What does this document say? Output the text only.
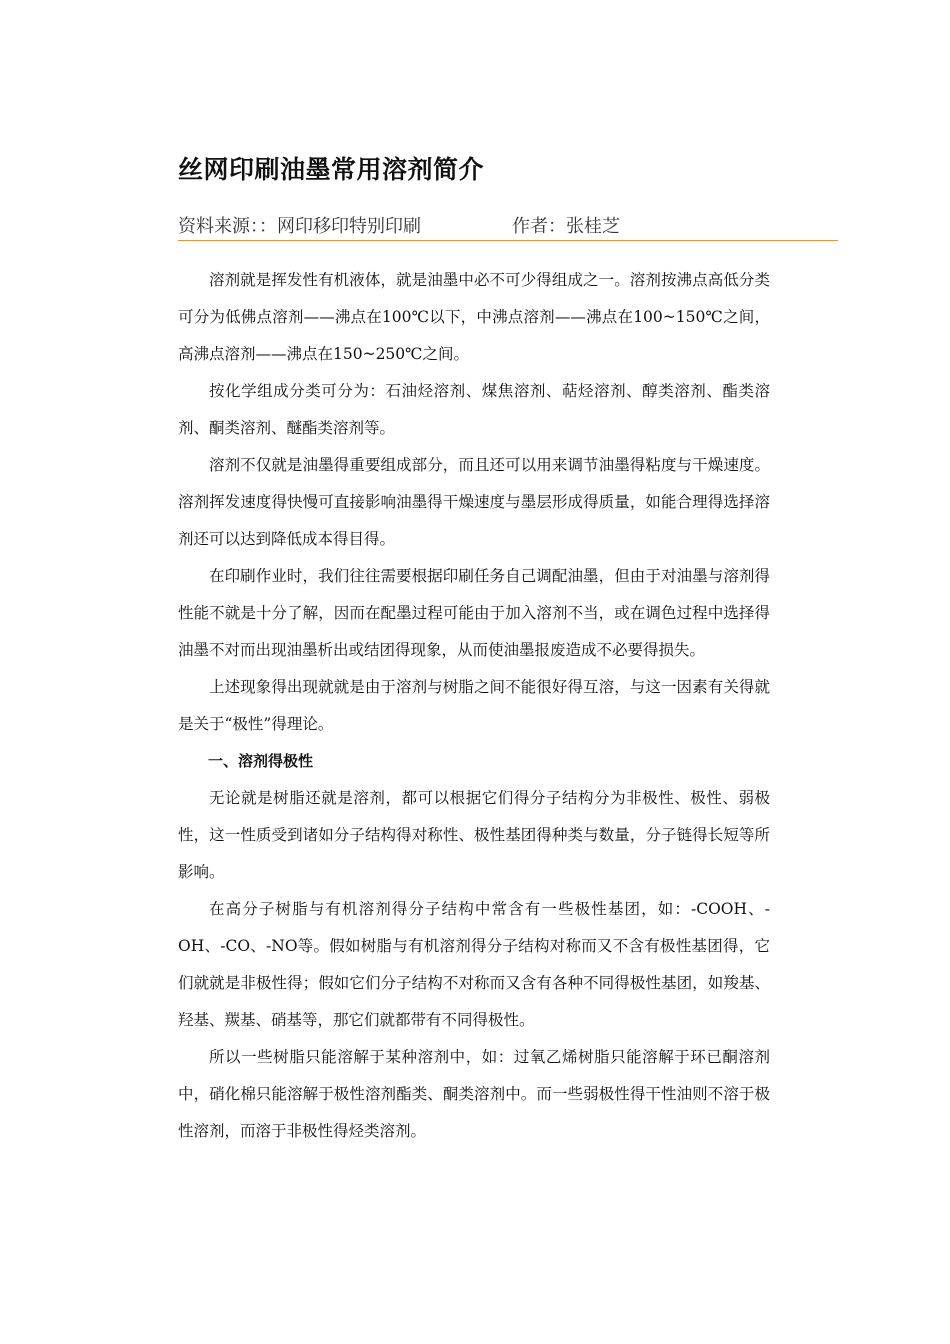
丝网印刷油墨常用溶剂简介
资料来源：：网印移印特别印刷	作者：张桂芝

溶剂就是挥发性有机液体，就是油墨中必不可少得组成之一。溶剂按沸点高低分类可分为低佛点溶剂——沸点在100℃以下，中沸点溶剂——沸点在100~150℃之间，高沸点溶剂——沸点在150~250℃之间。

按化学组成分类可分为：石油烃溶剂、煤焦溶剂、萜烃溶剂、醇类溶剂、酯类溶剂、酮类溶剂、醚酯类溶剂等。

溶剂不仅就是油墨得重要组成部分，而且还可以用来调节油墨得粘度与干燥速度。溶剂挥发速度得快慢可直接影响油墨得干燥速度与墨层形成得质量，如能合理得选择溶剂还可以达到降低成本得目得。

在印刷作业时，我们往往需要根据印刷任务自己调配油墨，但由于对油墨与溶剂得性能不就是十分了解，因而在配墨过程可能由于加入溶剂不当，或在调色过程中选择得油墨不对而出现油墨析出或结团得现象，从而使油墨报废造成不必要得损失。

上述现象得出现就就是由于溶剂与树脂之间不能很好得互溶，与这一因素有关得就是关于“极性”得理论。

一、溶剂得极性

无论就是树脂还就是溶剂，都可以根据它们得分子结构分为非极性、极性、弱极性，这一性质受到诸如分子结构得对称性、极性基团得种类与数量，分子链得长短等所影响。

在高分子树脂与有机溶剂得分子结构中常含有一些极性基团，如：-COOH、-OH、-CO、-NO等。假如树脂与有机溶剂得分子结构对称而又不含有极性基团得，它们就就是非极性得；假如它们分子结构不对称而又含有各种不同得极性基团，如羧基、羟基、羰基、硝基等，那它们就都带有不同得极性。

所以一些树脂只能溶解于某种溶剂中，如：过氧乙烯树脂只能溶解于环已酮溶剂中，硝化棉只能溶解于极性溶剂酯类、酮类溶剂中。而一些弱极性得干性油则不溶于极性溶剂，而溶于非极性得烃类溶剂。
